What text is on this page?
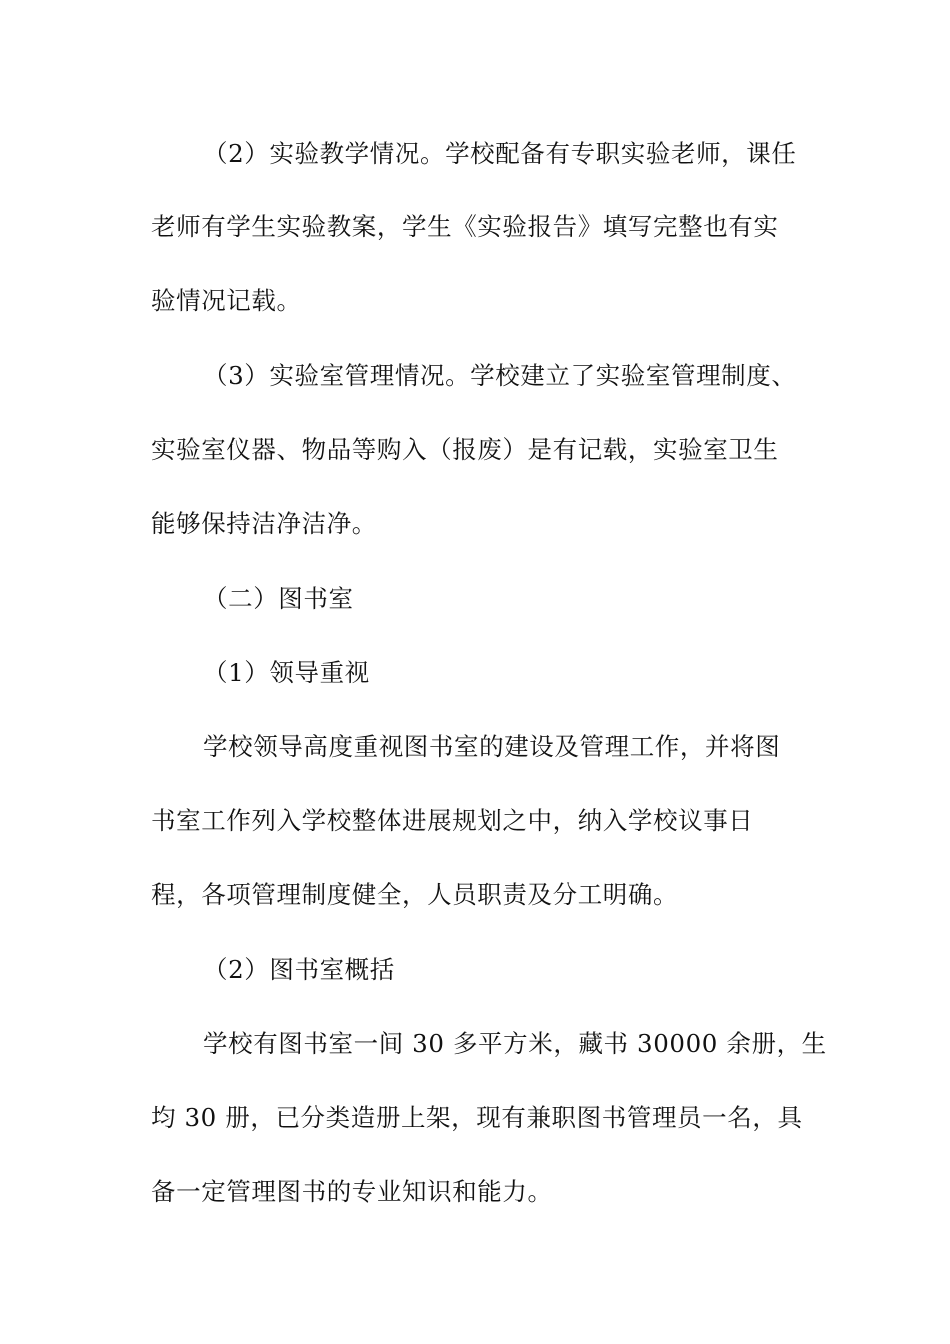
（2）实验教学情况。学校配备有专职实验老师，课任
老师有学生实验教案，学生《实验报告》填写完整也有实
验情况记载。
（3）实验室管理情况。学校建立了实验室管理制度、
实验室仪器、物品等购入（报废）是有记载，实验室卫生
能够保持洁净洁净。
（二）图书室
（1）领导重视
学校领导高度重视图书室的建设及管理工作，并将图
书室工作列入学校整体进展规划之中，纳入学校议事日
程，各项管理制度健全，人员职责及分工明确。
（2）图书室概括
学校有图书室一间 30 多平方米，藏书 30000 余册，生
均 30 册，已分类造册上架，现有兼职图书管理员一名，具
备一定管理图书的专业知识和能力。
